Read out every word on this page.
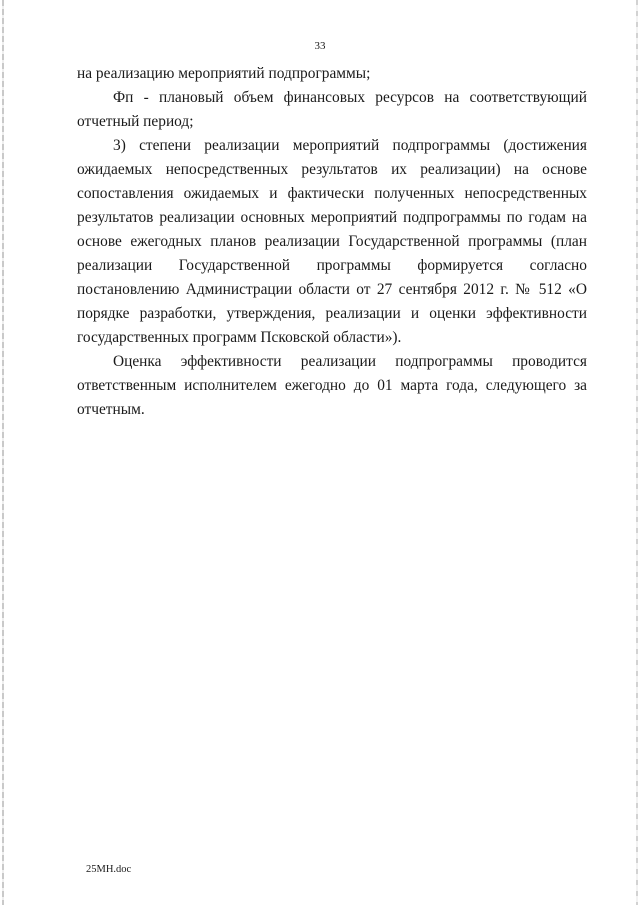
33

на реализацию мероприятий подпрограммы;

Фп - плановый объем финансовых ресурсов на соответствующий отчетный период;

3) степени реализации мероприятий подпрограммы (достижения ожидаемых непосредственных результатов их реализации) на основе сопоставления ожидаемых и фактически полученных непосредственных результатов реализации основных мероприятий подпрограммы по годам на основе ежегодных планов реализации Государственной программы (план реализации Государственной программы формируется согласно постановлению Администрации области от 27 сентября 2012 г. № 512 «О порядке разработки, утверждения, реализации и оценки эффективности государственных программ Псковской области»).

Оценка эффективности реализации подпрограммы проводится ответственным исполнителем ежегодно до 01 марта года, следующего за отчетным.

25MH.doc
